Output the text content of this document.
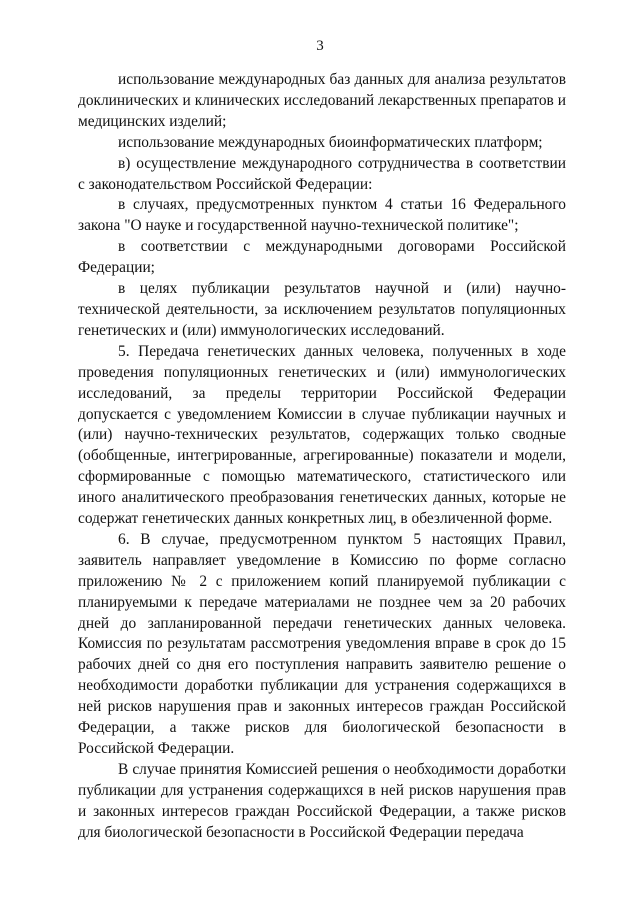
3

использование международных баз данных для анализа результатов доклинических и клинических исследований лекарственных препаратов и медицинских изделий;

использование международных биоинформатических платформ;

в) осуществление международного сотрудничества в соответствии с законодательством Российской Федерации:

в случаях, предусмотренных пунктом 4 статьи 16 Федерального закона "О науке и государственной научно-технической политике";

в соответствии с международными договорами Российской Федерации;

в целях публикации результатов научной и (или) научно-технической деятельности, за исключением результатов популяционных генетических и (или) иммунологических исследований.

5. Передача генетических данных человека, полученных в ходе проведения популяционных генетических и (или) иммунологических исследований, за пределы территории Российской Федерации допускается с уведомлением Комиссии в случае публикации научных и (или) научно-технических результатов, содержащих только сводные (обобщенные, интегрированные, агрегированные) показатели и модели, сформированные с помощью математического, статистического или иного аналитического преобразования генетических данных, которые не содержат генетических данных конкретных лиц, в обезличенной форме.

6. В случае, предусмотренном пунктом 5 настоящих Правил, заявитель направляет уведомление в Комиссию по форме согласно приложению № 2 с приложением копий планируемой публикации с планируемыми к передаче материалами не позднее чем за 20 рабочих дней до запланированной передачи генетических данных человека. Комиссия по результатам рассмотрения уведомления вправе в срок до 15 рабочих дней со дня его поступления направить заявителю решение о необходимости доработки публикации для устранения содержащихся в ней рисков нарушения прав и законных интересов граждан Российской Федерации, а также рисков для биологической безопасности в Российской Федерации.

В случае принятия Комиссией решения о необходимости доработки публикации для устранения содержащихся в ней рисков нарушения прав и законных интересов граждан Российской Федерации, а также рисков для биологической безопасности в Российской Федерации передача
